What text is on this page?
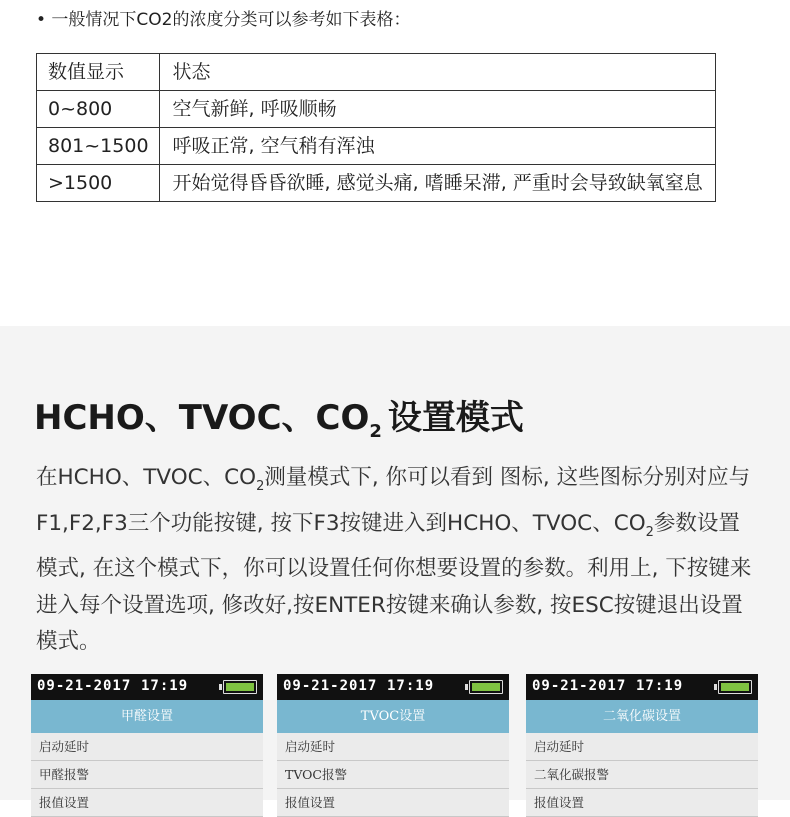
• 一般情况下CO2的浓度分类可以参考如下表格：
数值显示	状态
0~800	空气新鲜, 呼吸顺畅
801~1500	呼吸正常, 空气稍有浑浊
>1500	开始觉得昏昏欲睡, 感觉头痛, 嗜睡呆滞, 严重时会导致缺氧窒息
HCHO、TVOC、$CO_2$ 设置模式
在HCHO、TVOC、$CO_2$测量模式下, 你可以看到 图标, 这些图标分别对应与F1,F2,F3三个功能按键, 按下F3按键进入到HCHO、TVOC、$CO_2$参数设置模式, 在这个模式下，你可以设置任何你想要设置的参数。利用上, 下按键来进入每个设置选项, 修改好,按ENTER按键来确认参数, 按ESC按键退出设置模式。
09-21-2017 17:19
甲醛设置
启动延时
甲醛报警
报值设置
09-21-2017 17:19
TVOC设置
启动延时
TVOC报警
报值设置
09-21-2017 17:19
二氧化碳设置
启动延时
二氧化碳报警
报值设置
